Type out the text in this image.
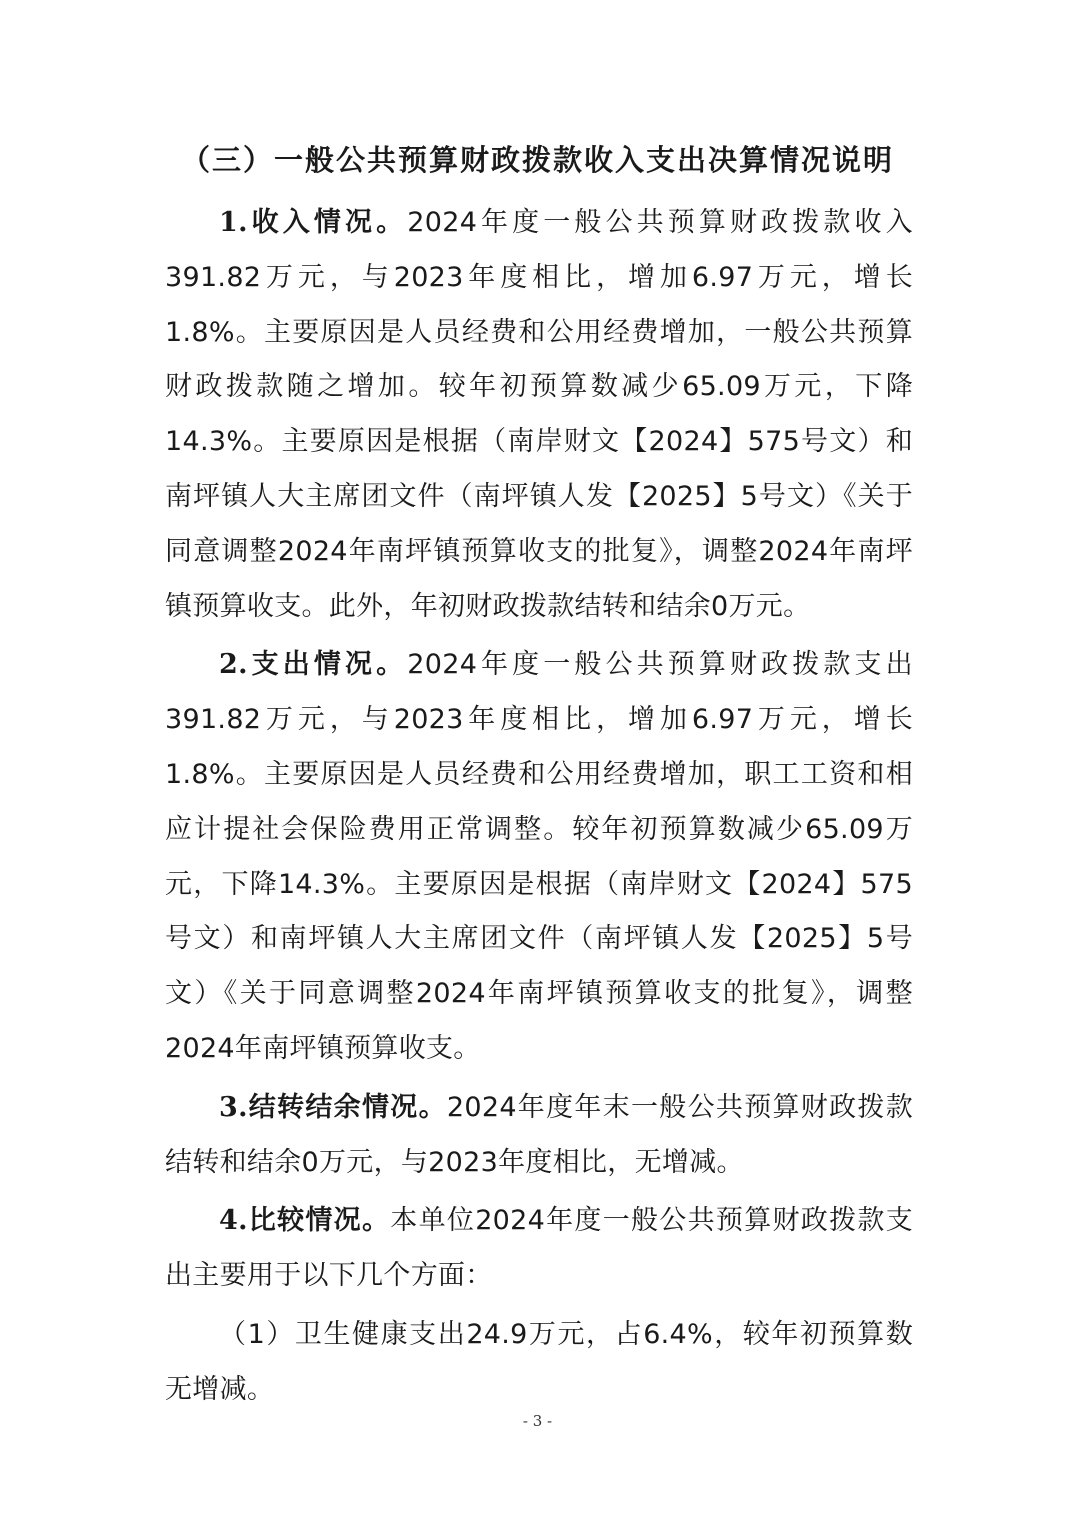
（三）一般公共预算财政拨款收入支出决算情况说明

1.收入情况。2024年度一般公共预算财政拨款收入391.82万元，与2023年度相比，增加6.97万元，增长1.8%。主要原因是人员经费和公用经费增加，一般公共预算财政拨款随之增加。较年初预算数减少65.09万元，下降14.3%。主要原因是根据（南岸财文【2024】575号文）和南坪镇人大主席团文件（南坪镇人发【2025】5号文）《关于同意调整2024年南坪镇预算收支的批复》，调整2024年南坪镇预算收支。此外，年初财政拨款结转和结余0万元。

2.支出情况。2024年度一般公共预算财政拨款支出391.82万元，与2023年度相比，增加6.97万元，增长1.8%。主要原因是人员经费和公用经费增加，职工工资和相应计提社会保险费用正常调整。较年初预算数减少65.09万元，下降14.3%。主要原因是根据（南岸财文【2024】575号文）和南坪镇人大主席团文件（南坪镇人发【2025】5号文）《关于同意调整2024年南坪镇预算收支的批复》，调整2024年南坪镇预算收支。

3.结转结余情况。2024年度年末一般公共预算财政拨款结转和结余0万元，与2023年度相比，无增减。

4.比较情况。本单位2024年度一般公共预算财政拨款支出主要用于以下几个方面：

（1）卫生健康支出24.9万元，占6.4%，较年初预算数无增减。

- 3 -
